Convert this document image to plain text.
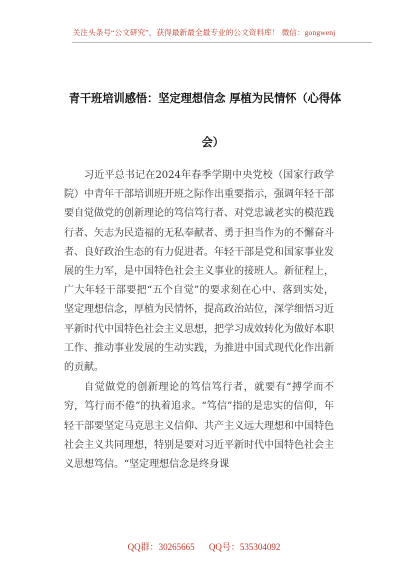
关注头条号“公文研究”，获得最新最全最专业的公文资料库！ 微信：gongwenj
青干班培训感悟：坚定理想信念 厚植为民情怀（心得体
会）

习近平总书记在2024年春季学期中央党校（国家行政学院）中青年干部培训班开班之际作出重要指示，强调年轻干部要自觉做党的创新理论的笃信笃行者、对党忠诚老实的模范践行者、矢志为民造福的无私奉献者、勇于担当作为的不懈奋斗者、良好政治生态的有力促进者。年轻干部是党和国家事业发展的生力军，是中国特色社会主义事业的接班人。新征程上，广大年轻干部要把“五个自觉”的要求刻在心中、落到实处，坚定理想信念，厚植为民情怀，提高政治站位，深学细悟习近平新时代中国特色社会主义思想，把学习成效转化为做好本职工作、推动事业发展的生动实践，为推进中国式现代化作出新的贡献。

自觉做党的创新理论的笃信笃行者，就要有“搏学而不穷，笃行而不倦”的执着追求。“笃信”指的是忠实的信仰，年轻干部要坚定马克思主义信仰、共产主义远大理想和中国特色社会主义共同理想，特别是要对习近平新时代中国特色社会主义思想笃信。“坚定理想信念是终身课

QQ群：30265665 QQ号：535304092
